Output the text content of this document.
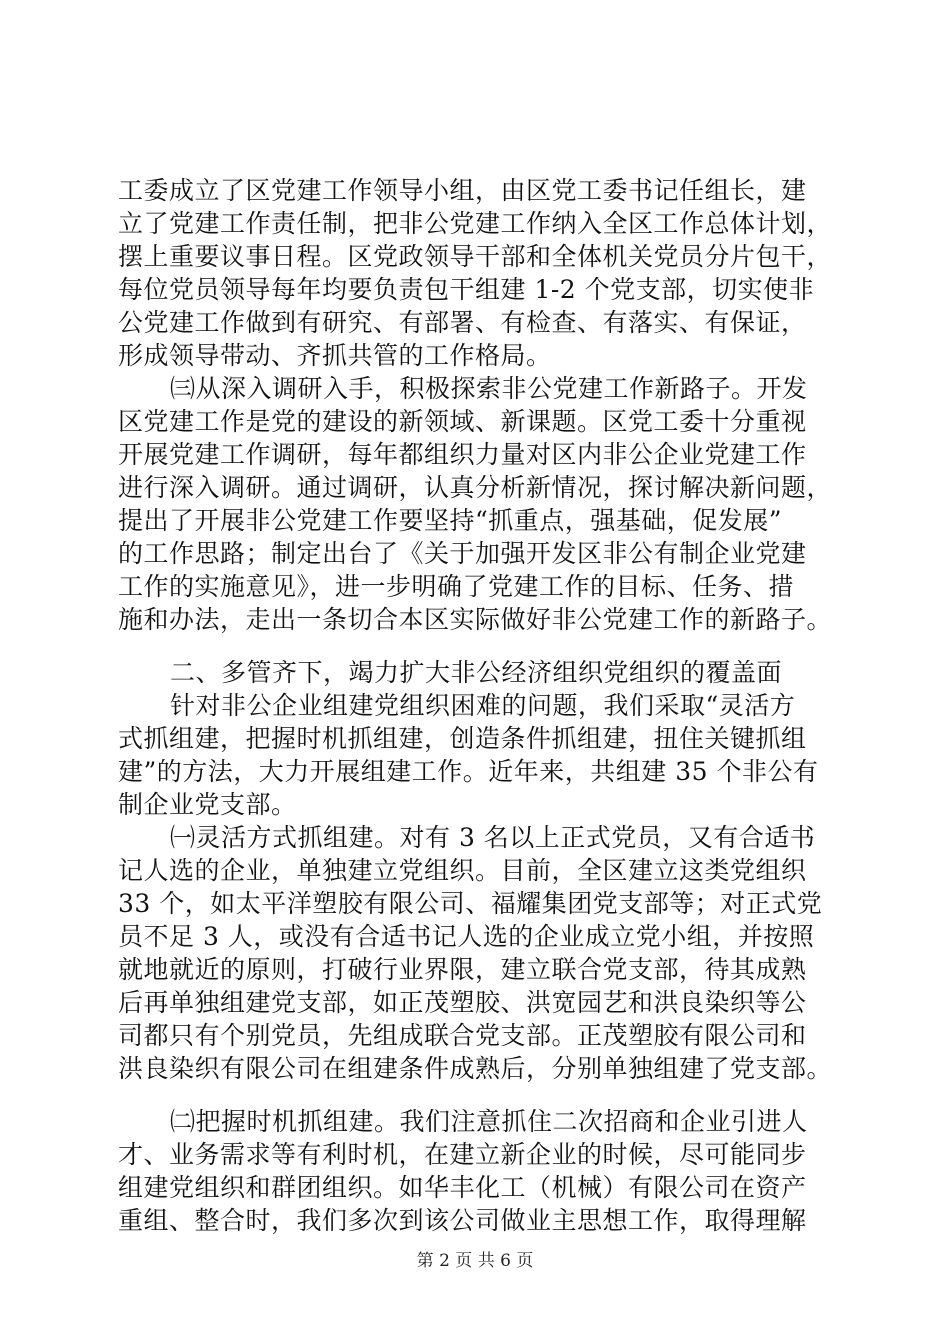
工委成立了区党建工作领导小组，由区党工委书记任组长，建
立了党建工作责任制，把非公党建工作纳入全区工作总体计划，
摆上重要议事日程。区党政领导干部和全体机关党员分片包干，
每位党员领导每年均要负责包干组建 1-2 个党支部，切实使非
公党建工作做到有研究、有部署、有检查、有落实、有保证，
形成领导带动、齐抓共管的工作格局。
㈢从深入调研入手，积极探索非公党建工作新路子。开发
区党建工作是党的建设的新领域、新课题。区党工委十分重视
开展党建工作调研，每年都组织力量对区内非公企业党建工作
进行深入调研。通过调研，认真分析新情况，探讨解决新问题，
提出了开展非公党建工作要坚持“抓重点，强基础，促发展”
的工作思路；制定出台了《关于加强开发区非公有制企业党建
工作的实施意见》，进一步明确了党建工作的目标、任务、措
施和办法，走出一条切合本区实际做好非公党建工作的新路子。
二、多管齐下，竭力扩大非公经济组织党组织的覆盖面
针对非公企业组建党组织困难的问题，我们采取“灵活方
式抓组建，把握时机抓组建，创造条件抓组建，扭住关键抓组
建”的方法，大力开展组建工作。近年来，共组建 35 个非公有
制企业党支部。
㈠灵活方式抓组建。对有 3 名以上正式党员，又有合适书
记人选的企业，单独建立党组织。目前，全区建立这类党组织
33 个，如太平洋塑胶有限公司、福耀集团党支部等；对正式党
员不足 3 人，或没有合适书记人选的企业成立党小组，并按照
就地就近的原则，打破行业界限，建立联合党支部，待其成熟
后再单独组建党支部，如正茂塑胶、洪宽园艺和洪良染织等公
司都只有个别党员，先组成联合党支部。正茂塑胶有限公司和
洪良染织有限公司在组建条件成熟后，分别单独组建了党支部。
㈡把握时机抓组建。我们注意抓住二次招商和企业引进人
才、业务需求等有利时机，在建立新企业的时候，尽可能同步
组建党组织和群团组织。如华丰化工（机械）有限公司在资产
重组、整合时，我们多次到该公司做业主思想工作，取得理解
第 2 页 共 6 页
